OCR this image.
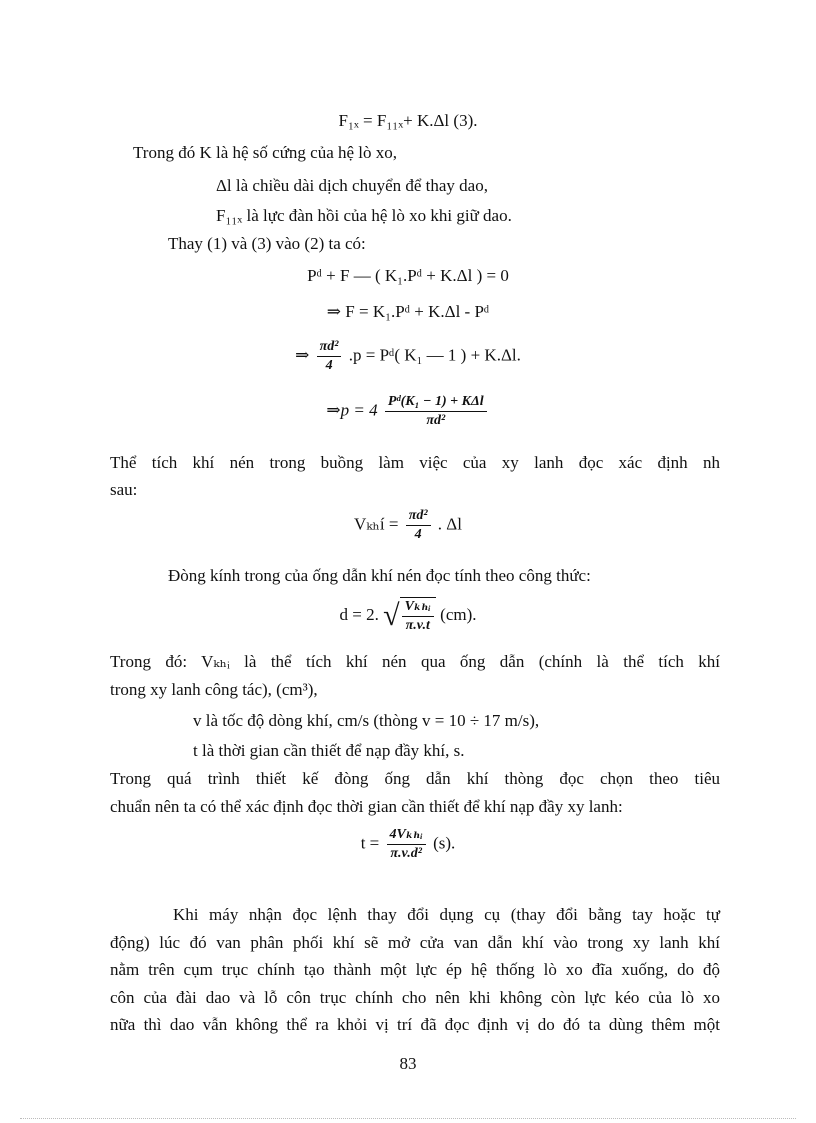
F₁ₓ = F₁₁ₓ+ K.Δl (3).
Trong đó K là hệ số cứng của hệ lò xo,
Δl là chiều dài dịch chuyển để thay dao,
F₁₁ₓ là lực đàn hồi của hệ lò xo khi giữ dao.
Thay (1) và (3) vào (2) ta có:
Pᵈ + F — ( K₁.Pᵈ + K.Δl ) = 0
⇒ F = K₁.Pᵈ + K.Δl - Pᵈ
⇒ $\frac{\text{πd²}}{4} .p$ = Pᵈ( K₁ — 1 ) + K.Δl.
⇒p = $4 \frac{\text{Pᵈ(K₁ − 1) + KΔl}}{\text{πd²}}$
Thể tích khí nén trong buồng làm việc của xy lanh đọc xác định nh
sau:
Vₖₕí = $\frac{\text{πd²}}{4}$ . Δl
Đòng kính trong của ống dẫn khí nén đọc tính theo công thức:
d = 2. √ $\frac{\text{Vₖₕᵢ}}{\pi.v.t} (cm)$.
Trong đó: Vₖₕᵢ là thể tích khí nén qua ống dẫn (chính là thể tích khí
trong xy lanh công tác), (cm³),
v là tốc độ dòng khí, cm/s (thòng v = 10 ÷ 17 m/s),
t là thời gian cần thiết để nạp đầy khí, s.
Trong quá trình thiết kế đòng ống dẫn khí thòng đọc chọn theo tiêu
chuẩn nên ta có thể xác định đọc thời gian cần thiết để khí nạp đầy xy lanh:
$t = \frac{\text{4Vₖₕᵢ}}{\text{π.v.d²}} (s)$.
Khi máy nhận đọc lệnh thay đổi dụng cụ (thay đổi bằng tay hoặc tự
động) lúc đó van phân phối khí sẽ mở cửa van dẫn khí vào trong xy lanh khí
nằm trên cụm trục chính tạo thành một lực ép hệ thống lò xo đĩa xuống, do độ
côn của đài dao và lỗ côn trục chính cho nên khi không còn lực kéo của lò xo
nữa thì dao vẫn không thể ra khỏi vị trí đã đọc định vị do đó ta dùng thêm một
83
